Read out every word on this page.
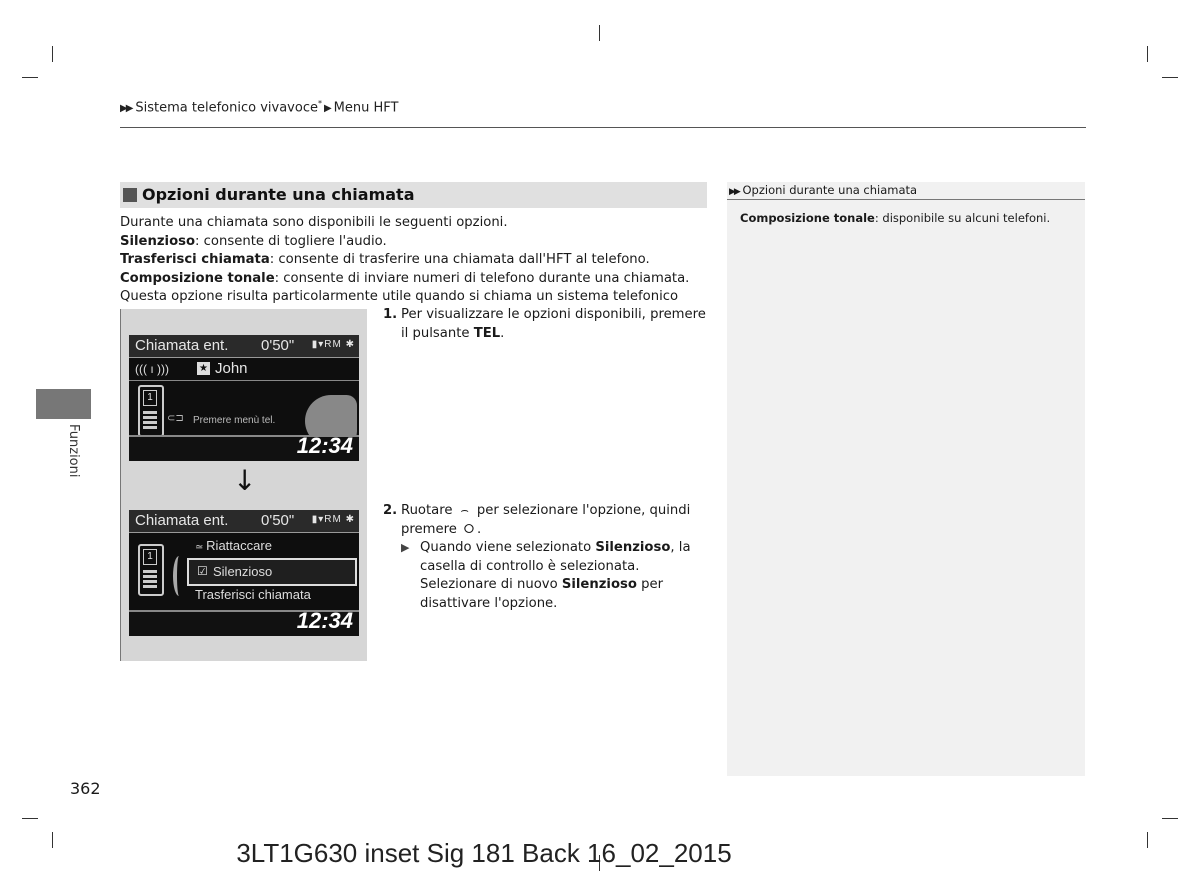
▶▶ Sistema telefonico vivavoce* ▶ Menu HFT
Opzioni durante una chiamata

Durante una chiamata sono disponibili le seguenti opzioni.

Silenzioso: consente di togliere l'audio.

Trasferisci chiamata: consente di trasferire una chiamata dall'HFT al telefono.

Composizione tonale: consente di inviare numeri di telefono durante una chiamata. Questa opzione risulta particolarmente utile quando si chiama un sistema telefonico

Chiamata ent. 0'50" ▮▾RM ✱
((( ı )))	★ John
1
⊂⊐ Premere menù tel.
12:34
↓
Chiamata ent. 0'50" ▮▾RM ✱
1
≃ Riattaccare
☑ Silenzioso
Trasferisci chiamata
12:34
1. Per visualizzare le opzioni disponibili, premere il pulsante TEL.
2. Ruotare ⌢ per selezionare l'opzione, quindi premere ⭘ .
▶ Quando viene selezionato Silenzioso, la casella di controllo è selezionata. Selezionare di nuovo Silenzioso per disattivare l'opzione.
▶▶ Opzioni durante una chiamata
Composizione tonale: disponibile su alcuni telefoni.
Funzioni
362
3LT1G630 inset Sig 181 Back 16_02_2015
